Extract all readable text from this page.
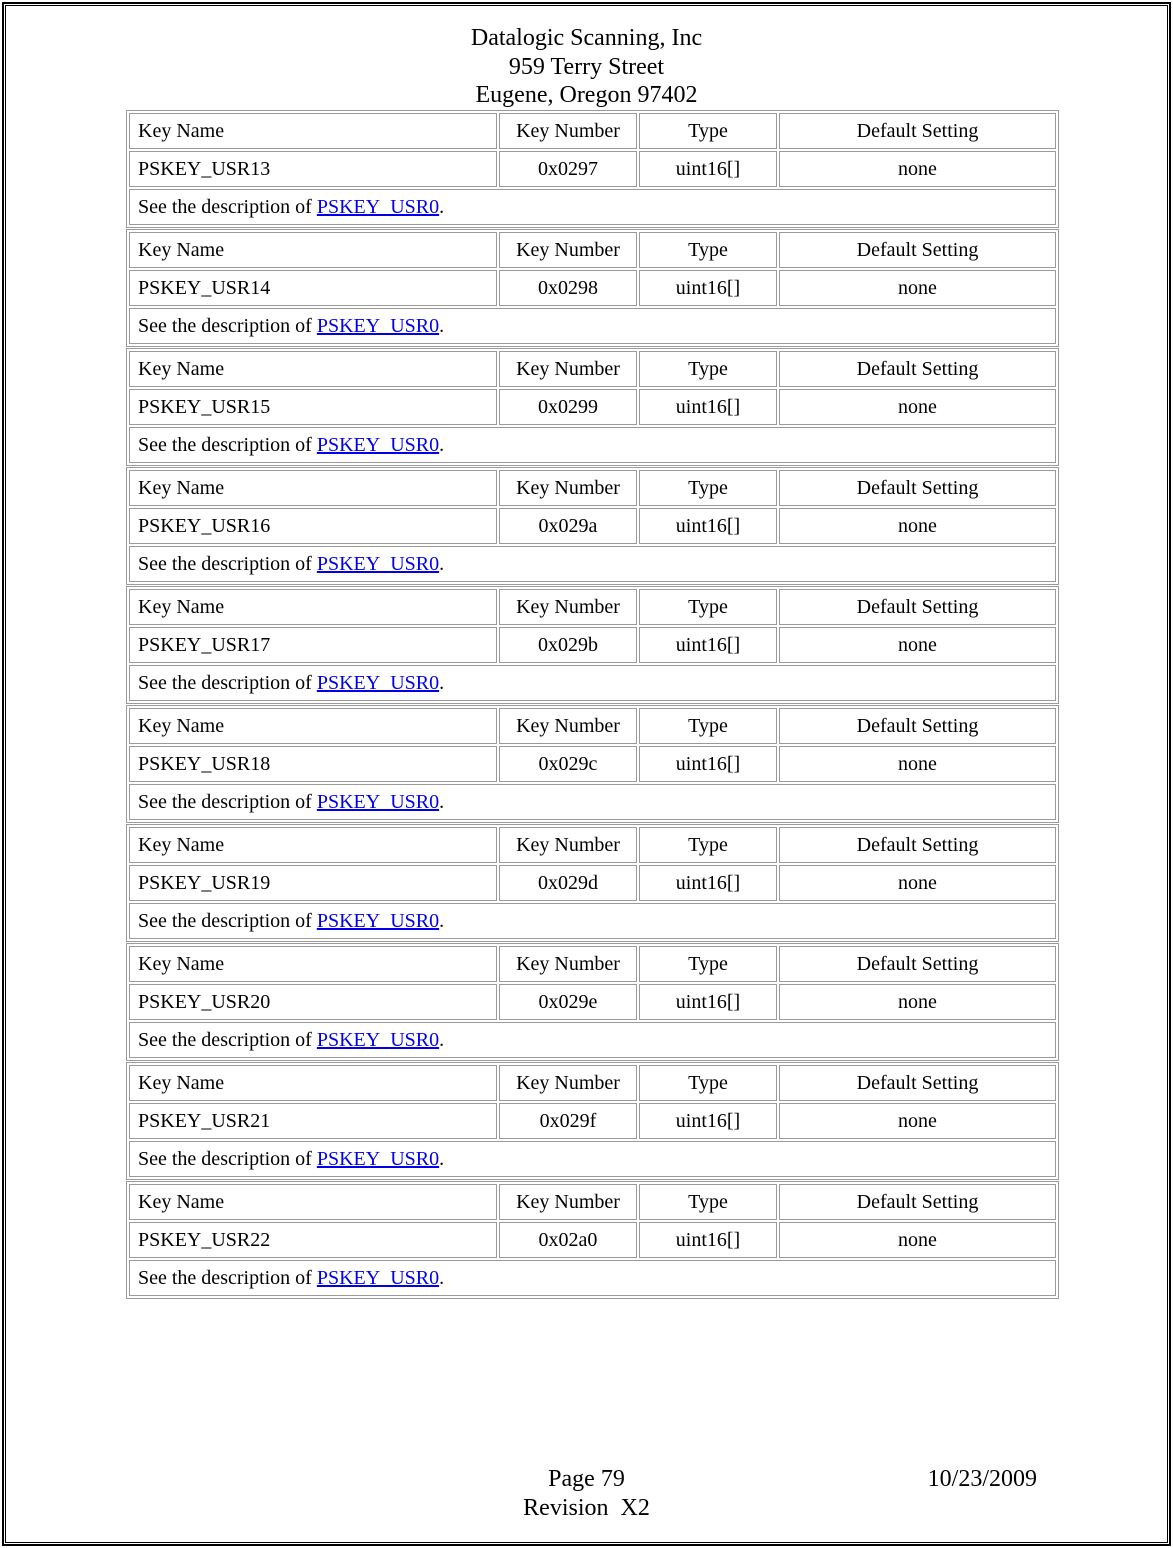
Datalogic Scanning, Inc
959 Terry Street
Eugene, Oregon 97402
Key Name	Key Number	Type	Default Setting
PSKEY_USR13	0x0297	uint16[]	none
See the description of PSKEY_USR0.			
Key Name	Key Number	Type	Default Setting
PSKEY_USR14	0x0298	uint16[]	none
See the description of PSKEY_USR0.			
Key Name	Key Number	Type	Default Setting
PSKEY_USR15	0x0299	uint16[]	none
See the description of PSKEY_USR0.			
Key Name	Key Number	Type	Default Setting
PSKEY_USR16	0x029a	uint16[]	none
See the description of PSKEY_USR0.			
Key Name	Key Number	Type	Default Setting
PSKEY_USR17	0x029b	uint16[]	none
See the description of PSKEY_USR0.			
Key Name	Key Number	Type	Default Setting
PSKEY_USR18	0x029c	uint16[]	none
See the description of PSKEY_USR0.			
Key Name	Key Number	Type	Default Setting
PSKEY_USR19	0x029d	uint16[]	none
See the description of PSKEY_USR0.			
Key Name	Key Number	Type	Default Setting
PSKEY_USR20	0x029e	uint16[]	none
See the description of PSKEY_USR0.			
Key Name	Key Number	Type	Default Setting
PSKEY_USR21	0x029f	uint16[]	none
See the description of PSKEY_USR0.			
Key Name	Key Number	Type	Default Setting
PSKEY_USR22	0x02a0	uint16[]	none
See the description of PSKEY_USR0.			
Page 79
Revision  X2
10/23/2009
